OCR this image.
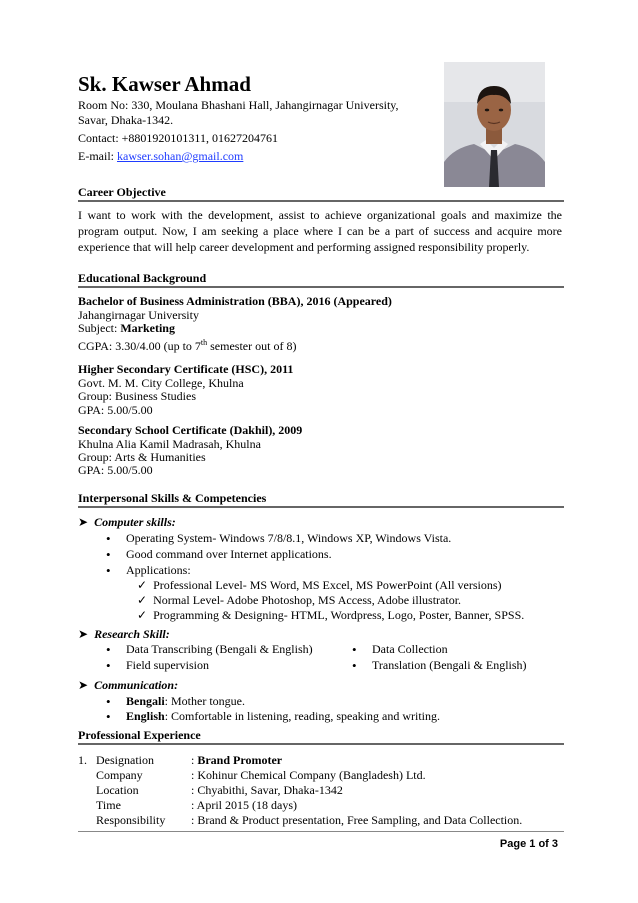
Sk. Kawser Ahmad
Room No: 330, Moulana Bhashani Hall, Jahangirnagar University,
Savar, Dhaka-1342.
Contact: +8801920101311, 01627204761
E-mail: kawser.sohan@gmail.com
Career Objective
I want to work with the development, assist to achieve organizational goals and maximize the program output. Now, I am seeking a place where I can be a part of success and acquire more experience that will help career development and performing assigned responsibility properly.
Educational Background
Bachelor of Business Administration (BBA), 2016 (Appeared)
Jahangirnagar University
Subject: Marketing
CGPA: 3.30/4.00 (up to 7th semester out of 8)
Higher Secondary Certificate (HSC), 2011
Govt. M. M. City College, Khulna
Group: Business Studies
GPA: 5.00/5.00
Secondary School Certificate (Dakhil), 2009
Khulna Alia Kamil Madrasah, Khulna
Group: Arts & Humanities
GPA: 5.00/5.00
Interpersonal Skills & Competencies
➤ Computer skills:
• Operating System- Windows 7/8/8.1, Windows XP, Windows Vista.
• Good command over Internet applications.
• Applications:
✓ Professional Level- MS Word, MS Excel, MS PowerPoint (All versions)
✓ Normal Level- Adobe Photoshop, MS Access, Adobe illustrator.
✓ Programming & Designing- HTML, Wordpress, Logo, Poster, Banner, SPSS.
➤ Research Skill:
• Data Transcribing (Bengali & English)
• Field supervision
• Data Collection
• Translation (Bengali & English)
➤ Communication:
• Bengali: Mother tongue.
• English: Comfortable in listening, reading, speaking and writing.
Professional Experience
1. Designation	: Brand Promoter
Company	: Kohinur Chemical Company (Bangladesh) Ltd.
Location	: Chyabithi, Savar, Dhaka-1342
Time	: April 2015 (18 days)
Responsibility : Brand & Product presentation, Free Sampling, and Data Collection.
Page 1 of 3
